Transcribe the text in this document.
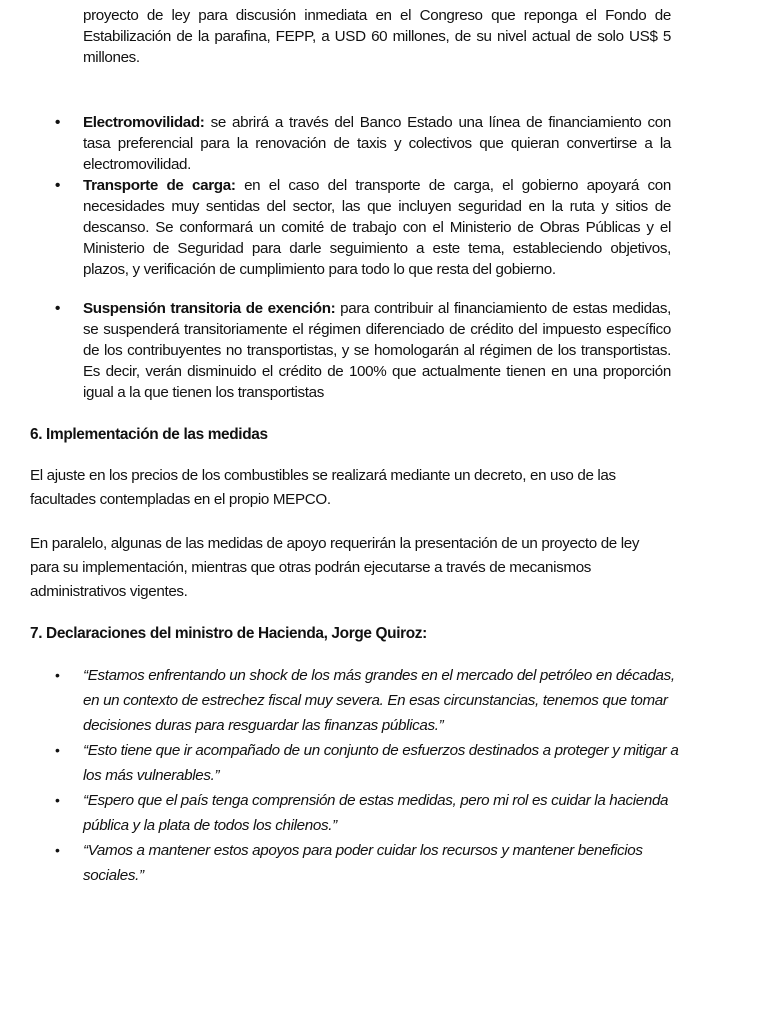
proyecto de ley para discusión inmediata en el Congreso que reponga el Fondo de Estabilización de la parafina, FEPP, a USD 60 millones, de su nivel actual de solo US$ 5 millones.

• Electromovilidad: se abrirá a través del Banco Estado una línea de financiamiento con tasa preferencial para la renovación de taxis y colectivos que quieran convertirse a la electromovilidad.
• Transporte de carga: en el caso del transporte de carga, el gobierno apoyará con necesidades muy sentidas del sector, las que incluyen seguridad en la ruta y sitios de descanso. Se conformará un comité de trabajo con el Ministerio de Obras Públicas y el Ministerio de Seguridad para darle seguimiento a este tema, estableciendo objetivos, plazos, y verificación de cumplimiento para todo lo que resta del gobierno.
• Suspensión transitoria de exención: para contribuir al financiamiento de estas medidas, se suspenderá transitoriamente el régimen diferenciado de crédito del impuesto específico de los contribuyentes no transportistas, y se homologarán al régimen de los transportistas. Es decir, verán disminuido el crédito de 100% que actualmente tienen en una proporción igual a la que tienen los transportistas
6. Implementación de las medidas

El ajuste en los precios de los combustibles se realizará mediante un decreto, en uso de las facultades contempladas en el propio MEPCO.

En paralelo, algunas de las medidas de apoyo requerirán la presentación de un proyecto de ley para su implementación, mientras que otras podrán ejecutarse a través de mecanismos administrativos vigentes.

7. Declaraciones del ministro de Hacienda, Jorge Quiroz:
• “Estamos enfrentando un shock de los más grandes en el mercado del petróleo en décadas, en un contexto de estrechez fiscal muy severa. En esas circunstancias, tenemos que tomar decisiones duras para resguardar las finanzas públicas.”
• “Esto tiene que ir acompañado de un conjunto de esfuerzos destinados a proteger y mitigar a los más vulnerables.”
• “Espero que el país tenga comprensión de estas medidas, pero mi rol es cuidar la hacienda pública y la plata de todos los chilenos.”
• “Vamos a mantener estos apoyos para poder cuidar los recursos y mantener beneficios sociales.”
